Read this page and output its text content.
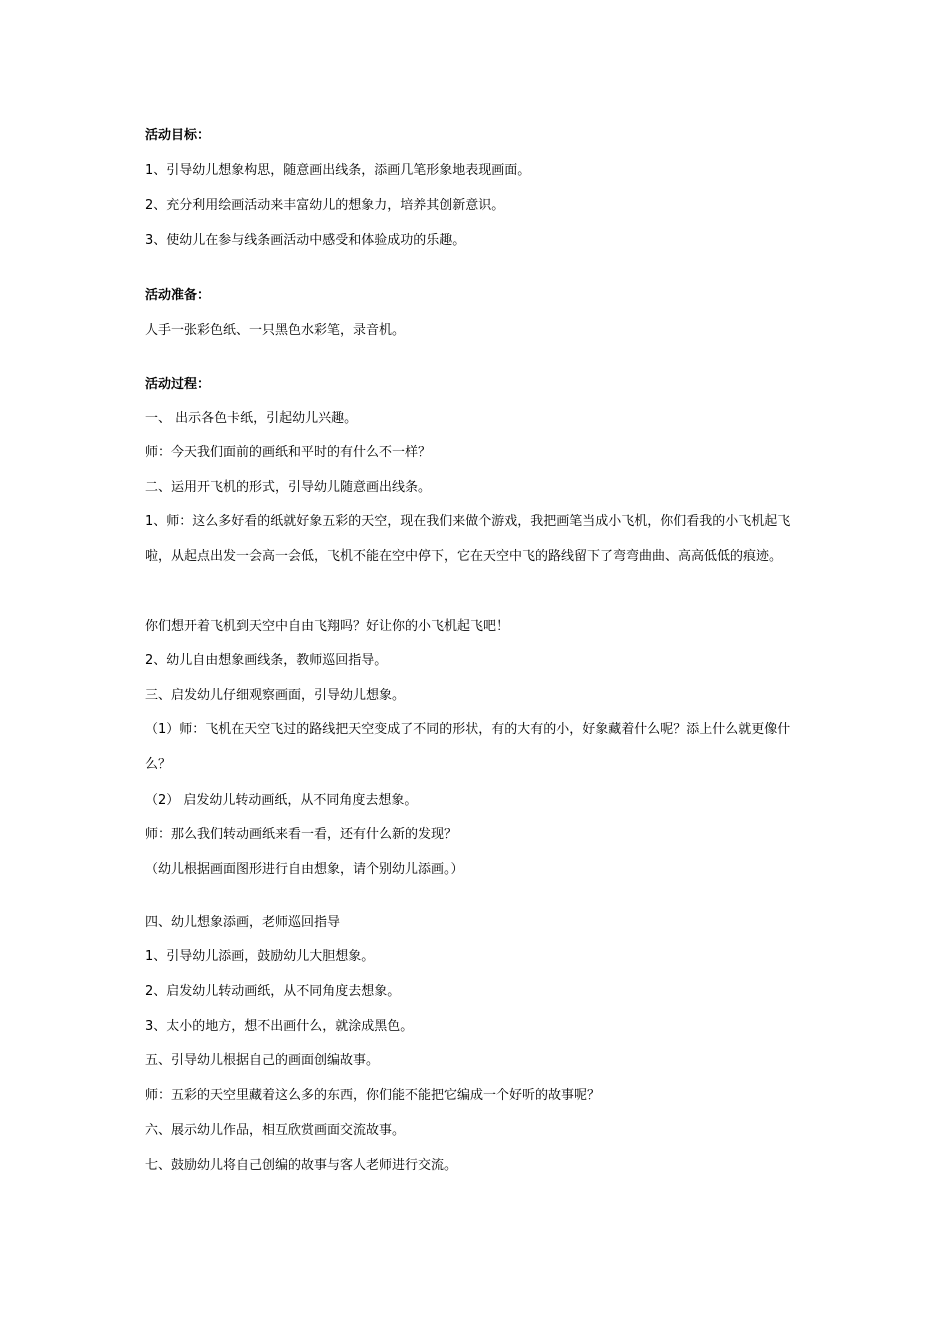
活动目标：
1、引导幼儿想象构思，随意画出线条，添画几笔形象地表现画面。
2、充分利用绘画活动来丰富幼儿的想象力，培养其创新意识。
3、使幼儿在参与线条画活动中感受和体验成功的乐趣。
活动准备：
人手一张彩色纸、一只黑色水彩笔，录音机。
活动过程：
一、 出示各色卡纸，引起幼儿兴趣。
师：今天我们面前的画纸和平时的有什么不一样？
二、运用开飞机的形式，引导幼儿随意画出线条。
1、师：这么多好看的纸就好象五彩的天空，现在我们来做个游戏，我把画笔当成小飞机，你们看我的小飞机起飞啦，从起点出发一会高一会低，飞机不能在空中停下，它在天空中飞的路线留下了弯弯曲曲、高高低低的痕迹。
你们想开着飞机到天空中自由飞翔吗？好让你的小飞机起飞吧！
2、幼儿自由想象画线条，教师巡回指导。
三、启发幼儿仔细观察画面，引导幼儿想象。
（1）师：飞机在天空飞过的路线把天空变成了不同的形状，有的大有的小，好象藏着什么呢？添上什么就更像什么？
（2） 启发幼儿转动画纸，从不同角度去想象。
师：那么我们转动画纸来看一看，还有什么新的发现？
（幼儿根据画面图形进行自由想象，请个别幼儿添画。）
四、幼儿想象添画，老师巡回指导
1、引导幼儿添画，鼓励幼儿大胆想象。
2、启发幼儿转动画纸，从不同角度去想象。
3、太小的地方，想不出画什么，就涂成黑色。
五、引导幼儿根据自己的画面创编故事。
师：五彩的天空里藏着这么多的东西，你们能不能把它编成一个好听的故事呢？
六、展示幼儿作品，相互欣赏画面交流故事。
七、鼓励幼儿将自己创编的故事与客人老师进行交流。
